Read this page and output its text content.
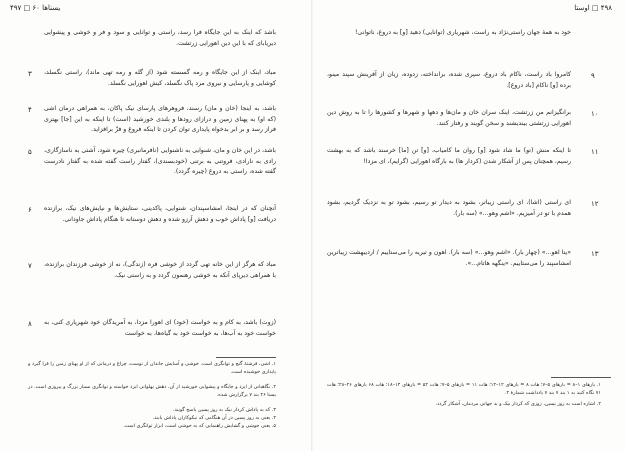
یسناها ۶۰ □ ۴۹۷
باشد که اینک به این جایگاه فرا رسد، راستی و توانایی و سود و فر و خوشی و پیشوایی دیریابای که با این دین اهورایی زرتشت.
۳ مباد، اینک از این جایگاه و رمه گسسته شود (از گله و رمه تهی ماند)، راستی نگسلد، کوشایی و پارسایی و نیروی مرد پاک نگسلد، کیش اهورایی نگسلد.
۴ باشد، به اینجا (خان و مان) رسند، فروهرهای پارسای نیک پاکان، به همراهی درمان اشی (که او) به پهنای زمین و درازای رودها و بلندی خورشید (است) تا اینکه به این [جا] بهتری فراز رسد و بر ابر بدخواه پایداری توان کردن تا اینکه فروغ و فزّ برافزاید.
۵ باشد، در این خان و مان، شنوایی به ناشنوایی (نافرمانبری) چیره شود، آشتی به ناسازگاری، رادی به نارادی، فروتنی به برتنی (خودبسندی)، گفتار راست گفته شده به گفتار نادرست گفته شده، راستی به دروغ (چیره گردد).
۶ آنچنان که در اینجا، امشاسپندان، شنوایی، پاکدینی، ستایش‌ها و نیایش‌های نیک، برازنده دریافت [و] پاداش خوب و دهش آرزو شده و دهش دوستانه تا هنگام پاداش جاودانی.
۷ مباد که هرگز از این خانه تهی گردد از خوشی فره (زندگی)، نه از خوشی فرزندان برازنده، با همراهی دیرپای آنکه به خوشی رهنمون گردد و به راستی نیک.
۸ (زوت) باشد، به کام و به خواست (خود) ای اهورا مزدا، به آمریدگان خود شهریاری کنی، به خواست خود به آب‌ها، به خواست خود به گیاه‌ها، به خواست
۱. اشی، فرشتهٔ گنج و توانگری است. خوشی و آسایش خاندان از توست، چراغ و درمانی که از او پهنای زمین را فرا گیرد و پایداری خوشیده است.
۲. نگاهبانی از ایزد و جایگاه و پیشوایی خورشید از آن، دهش پهلوانی ایزد خواسته و توانگری بسیار بزرگ و پیروزی است. در یسنا ۲۶ بند ۷ برگزارش شده.
۳. که به پاداش کردار نیک به روز پسین پاسخ گویند.
۴. یعنی به روز پسین در آن هنگامی که نیکوکاران پاداش یابند.
۵. یعنی خوشی و گشایش راهنمایی که به خوشی است، ابزار توانگری است.
۴۹۸ □ اوستا
خود به همهٔ جهان راستی‌نژاد به راست، شهریاری (توانایی) دهید [و] به دروغ، ناتوانی!
۹
کامروا باد راست، ناکام باد دروغ، سپری شده، برانداخته، زدوده، زیان از آفرینش سپند مینو، برده [و] ناکام [باد دروغ].
۱۰
برانگیزانم من زرتشت، اینک سران خان و مان‌ها و دهها و شهرها و کشورها را تا به روش دین اهورایی زرتشتی بیندیشند و سخن گویند و رفتار کنند.
۱۱
تا اینکه منش (تو) ما شاد شود [و] روان ما کامیاب، [و] تن [ما] خرسند باشد که به بهشت رسیم، همچنان پس از آشکار شدن (کردار ها) به بارگاه اهورایی (گرایم)، ای مزدا!
۱۲
ای راستی (اشا)، ای راستی زیباتر، بشود به دیدار تو رسیم، بشود تو به نزدیک گردیم، بشود همدم با تو در آمیزیم. «اشم وهو...» (سه بار).
۱۳
«یتا اهو...» (چهار بار). «اشم وهو...» (سه بار). اهون و تیریه را می‌ستاییم / اردیبهشت زیباترین امشاسپند را می‌ستاییم. «ینگهه هاتام...».
۱. بارهای ۱–۸ = بارهای ۵–۷؛ هات ۸ = بارهای ۱۲–۱۴؛ هات ۱۱ = بارهای ۵–۷؛ هات ۵۲ = بارهای ۱۴–۱۸؛ هات ۶۸ بارهای ۲۶–۲۸؛ هات ۷۱ نگاه کنید به ۱ بند ۷ بند ۷ یادداشت شمارهٔ ۲.
۲. اشاره است به روز پسین، روزی که کردار نیک و بد جهانی مردمان، آشکار گردد.
